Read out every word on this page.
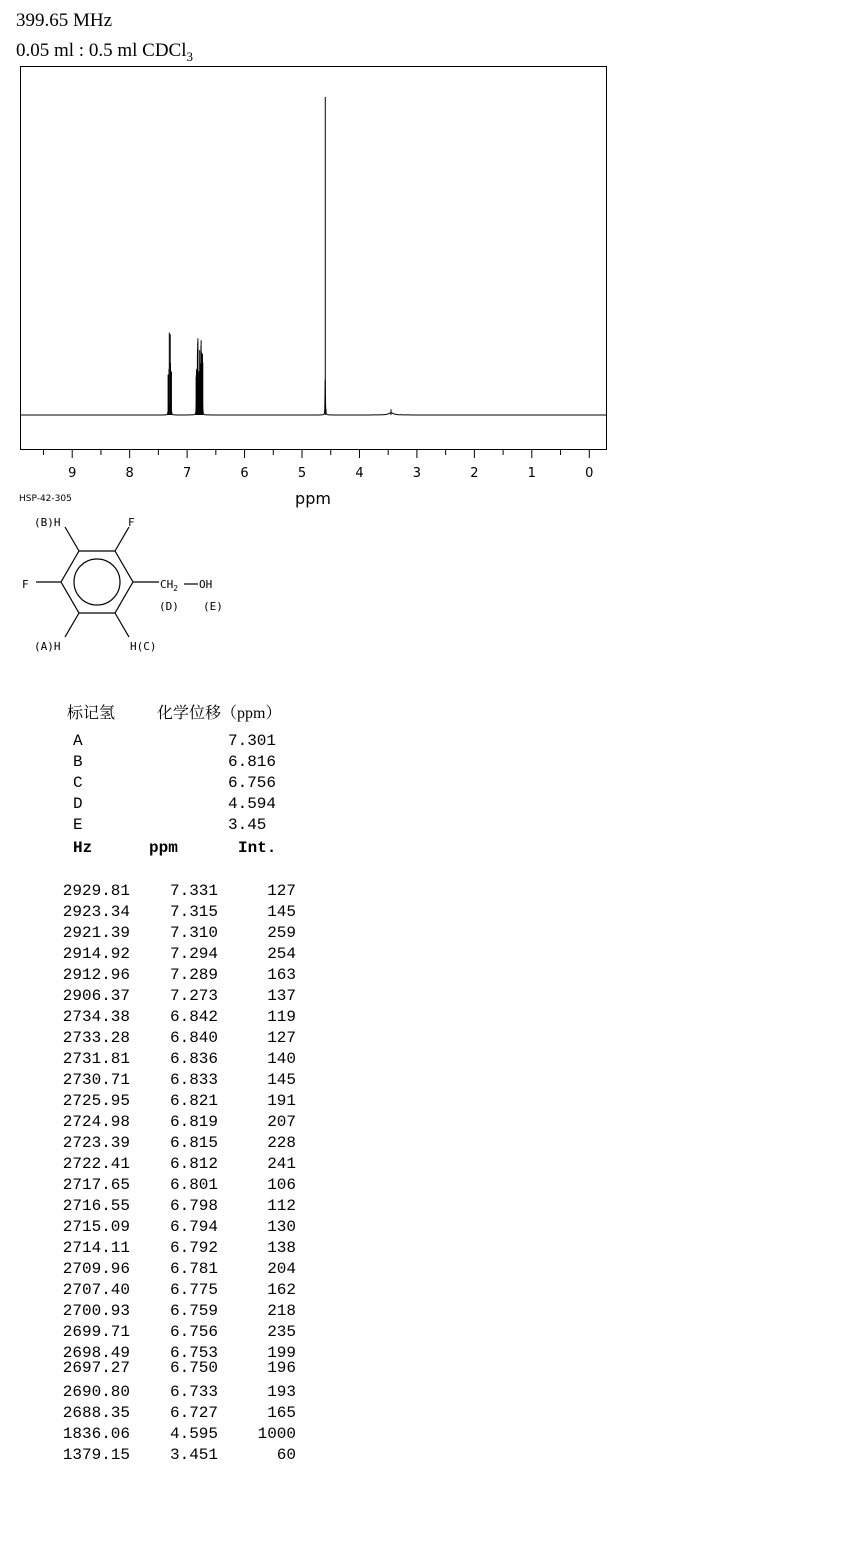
399.65 MHz
0.05 ml : 0.5 ml CDCl$_3$
9	8	7	6	5	4	3	2	1	0
ppm
HSP-42-305
(B)H	F
F	$CH_2$ OH
(D) (E)
(A)H	H(C)
标记氢	化学位移（ppm）
A	7.301
B	6.816
C	6.756
D	4.594
E	3.45
Hz	ppm	Int.
2929.81	7.331	127
2923.34	7.315	145
2921.39	7.310	259
2914.92	7.294	254
2912.96	7.289	163
2906.37	7.273	137
2734.38	6.842	119
2733.28	6.840	127
2731.81	6.836	140
2730.71	6.833	145
2725.95	6.821	191
2724.98	6.819	207
2723.39	6.815	228
2722.41	6.812	241
2717.65	6.801	106
2716.55	6.798	112
2715.09	6.794	130
2714.11	6.792	138
2709.96	6.781	204
2707.40	6.775	162
2700.93	6.759	218
2699.71	6.756	235
2698.49	6.753	199
2697.27	6.750	196
2690.80	6.733	193
2688.35	6.727	165
1836.06	4.595	1000
1379.15	3.451	60
